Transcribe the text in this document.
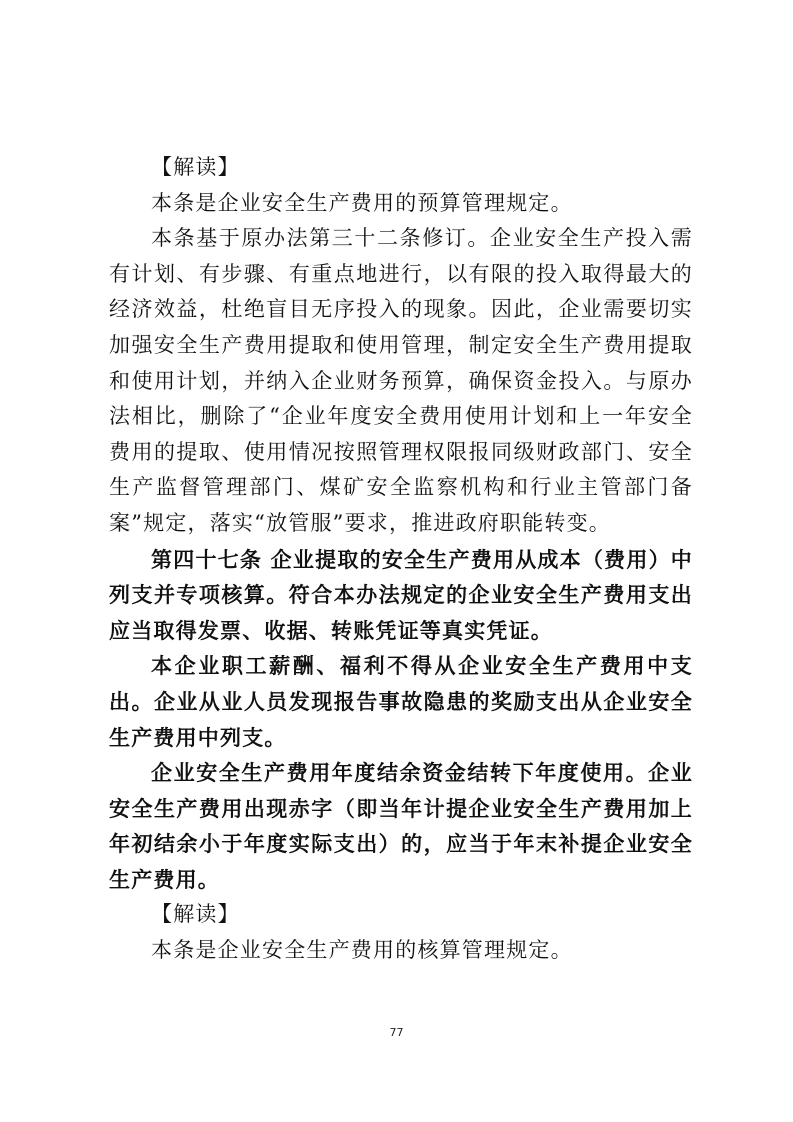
【解读】

本条是企业安全生产费用的预算管理规定。

本条基于原办法第三十二条修订。企业安全生产投入需有计划、有步骤、有重点地进行，以有限的投入取得最大的经济效益，杜绝盲目无序投入的现象。因此，企业需要切实加强安全生产费用提取和使用管理，制定安全生产费用提取和使用计划，并纳入企业财务预算，确保资金投入。与原办法相比，删除了“企业年度安全费用使用计划和上一年安全费用的提取、使用情况按照管理权限报同级财政部门、安全生产监督管理部门、煤矿安全监察机构和行业主管部门备案”规定，落实“放管服”要求，推进政府职能转变。

第四十七条 企业提取的安全生产费用从成本（费用）中列支并专项核算。符合本办法规定的企业安全生产费用支出应当取得发票、收据、转账凭证等真实凭证。

本企业职工薪酬、福利不得从企业安全生产费用中支出。企业从业人员发现报告事故隐患的奖励支出从企业安全生产费用中列支。

企业安全生产费用年度结余资金结转下年度使用。企业安全生产费用出现赤字（即当年计提企业安全生产费用加上年初结余小于年度实际支出）的，应当于年末补提企业安全生产费用。

【解读】

本条是企业安全生产费用的核算管理规定。

77
